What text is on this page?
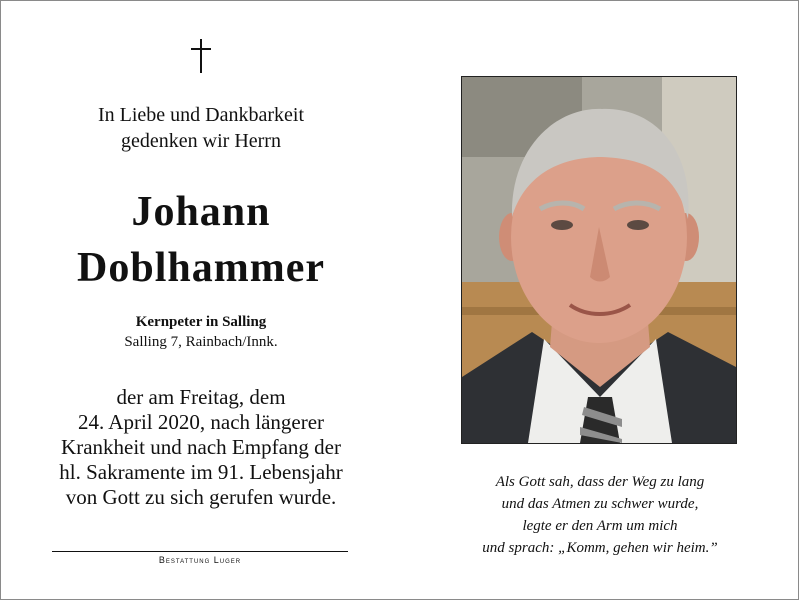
In Liebe und Dankbarkeit
gedenken wir Herrn
Johann
Doblhammer
Kernpeter in Salling
Salling 7, Rainbach/Innk.
der am Freitag, dem
24. April 2020, nach längerer
Krankheit und nach Empfang der
hl. Sakramente im 91. Lebensjahr
von Gott zu sich gerufen wurde.
Bestattung Luger
Als Gott sah, dass der Weg zu lang
und das Atmen zu schwer wurde,
legte er den Arm um mich
und sprach: „Komm, gehen wir heim.”
